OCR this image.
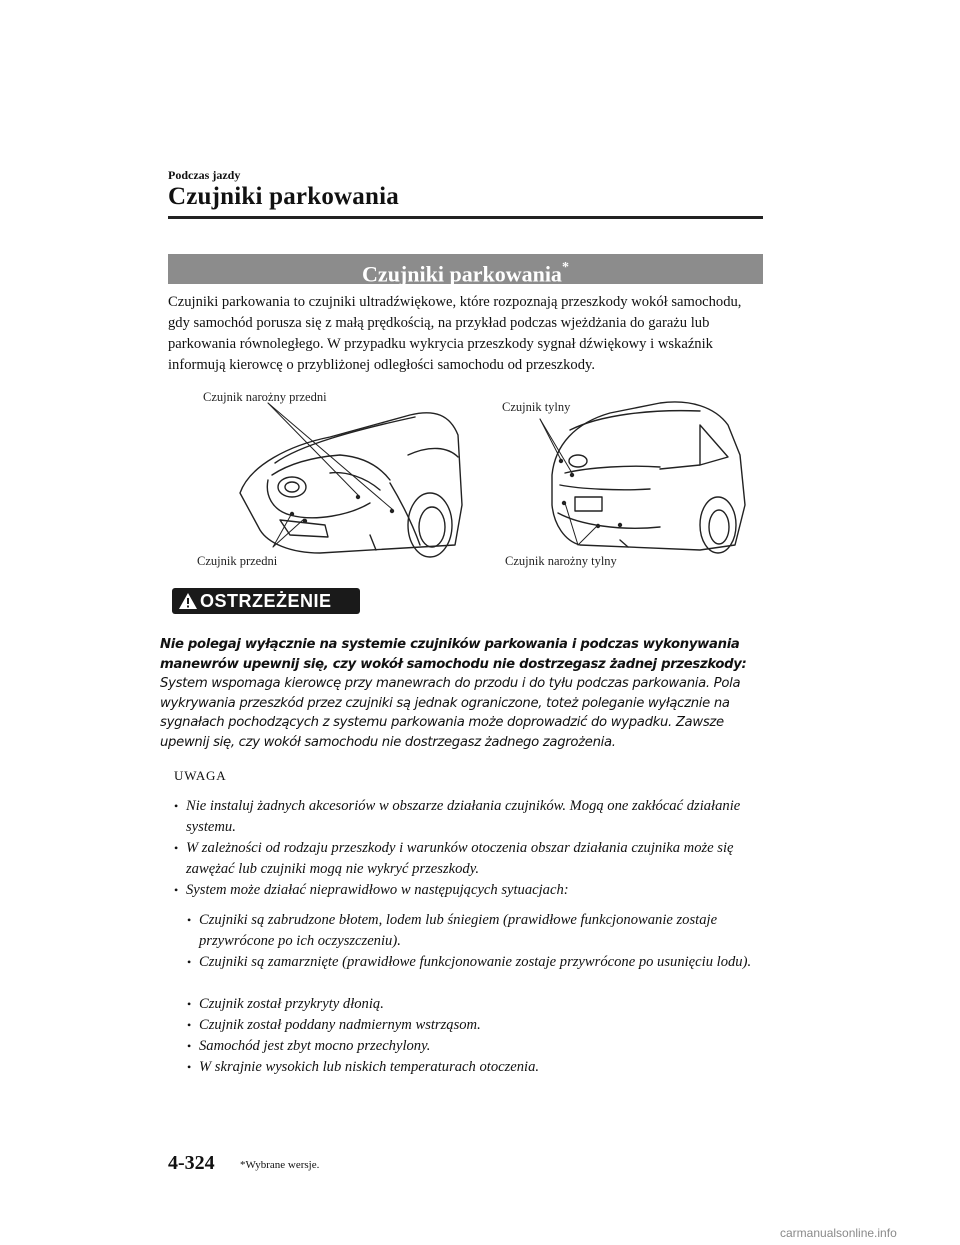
Podczas jazdy
Czujniki parkowania
Czujniki parkowania*
Czujniki parkowania to czujniki ultradźwiękowe, które rozpoznają przeszkody wokół samochodu, gdy samochód porusza się z małą prędkością, na przykład podczas wjeżdżania do garażu lub parkowania równoległego. W przypadku wykrycia przeszkody sygnał dźwiękowy i wskaźnik informują kierowcę o przybliżonej odległości samochodu od przeszkody.
Czujnik narożny przedni
Czujnik przedni
Czujnik tylny
Czujnik narożny tylny
OSTRZEŻENIE
Nie polegaj wyłącznie na systemie czujników parkowania i podczas wykonywania manewrów upewnij się, czy wokół samochodu nie dostrzegasz żadnej przeszkody:
System wspomaga kierowcę przy manewrach do przodu i do tyłu podczas parkowania. Pola wykrywania przeszkód przez czujniki są jednak ograniczone, toteż poleganie wyłącznie na sygnałach pochodzących z systemu parkowania może doprowadzić do wypadku. Zawsze upewnij się, czy wokół samochodu nie dostrzegasz żadnego zagrożenia.
UWAGA
• Nie instaluj żadnych akcesoriów w obszarze działania czujników. Mogą one zakłócać działanie systemu.
• W zależności od rodzaju przeszkody i warunków otoczenia obszar działania czujnika może się zawężać lub czujniki mogą nie wykryć przeszkody.
• System może działać nieprawidłowo w następujących sytuacjach:
• Czujniki są zabrudzone błotem, lodem lub śniegiem (prawidłowe funkcjonowanie zostaje przywrócone po ich oczyszczeniu).
• Czujniki są zamarznięte (prawidłowe funkcjonowanie zostaje przywrócone po usunięciu lodu).
• Czujnik został przykryty dłonią.
• Czujnik został poddany nadmiernym wstrząsom.
• Samochód jest zbyt mocno przechylony.
• W skrajnie wysokich lub niskich temperaturach otoczenia.
4-324 *Wybrane wersje.
carmanualsonline.info
